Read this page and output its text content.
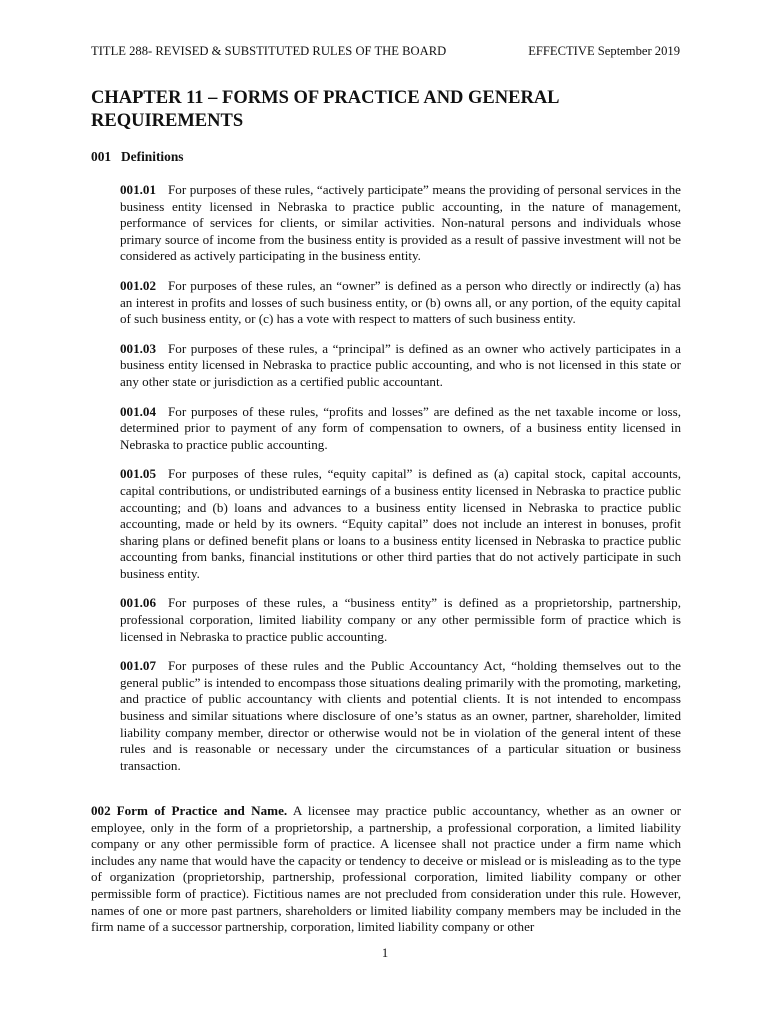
TITLE 288- REVISED & SUBSTITUTED RULES OF THE BOARD	EFFECTIVE September 2019
CHAPTER 11 – FORMS OF PRACTICE AND GENERAL REQUIREMENTS
001 Definitions

001.01 For purposes of these rules, “actively participate” means the providing of personal services in the business entity licensed in Nebraska to practice public accounting, in the nature of management, performance of services for clients, or similar activities. Non-natural persons and individuals whose primary source of income from the business entity is provided as a result of passive investment will not be considered as actively participating in the business entity.

001.02 For purposes of these rules, an “owner” is defined as a person who directly or indirectly (a) has an interest in profits and losses of such business entity, or (b) owns all, or any portion, of the equity capital of such business entity, or (c) has a vote with respect to matters of such business entity.

001.03 For purposes of these rules, a “principal” is defined as an owner who actively participates in a business entity licensed in Nebraska to practice public accounting, and who is not licensed in this state or any other state or jurisdiction as a certified public accountant.

001.04 For purposes of these rules, “profits and losses” are defined as the net taxable income or loss, determined prior to payment of any form of compensation to owners, of a business entity licensed in Nebraska to practice public accounting.

001.05 For purposes of these rules, “equity capital” is defined as (a) capital stock, capital accounts, capital contributions, or undistributed earnings of a business entity licensed in Nebraska to practice public accounting; and (b) loans and advances to a business entity licensed in Nebraska to practice public accounting, made or held by its owners. “Equity capital” does not include an interest in bonuses, profit sharing plans or defined benefit plans or loans to a business entity licensed in Nebraska to practice public accounting from banks, financial institutions or other third parties that do not actively participate in such business entity.

001.06 For purposes of these rules, a “business entity” is defined as a proprietorship, partnership, professional corporation, limited liability company or any other permissible form of practice which is licensed in Nebraska to practice public accounting.

001.07 For purposes of these rules and the Public Accountancy Act, “holding themselves out to the general public” is intended to encompass those situations dealing primarily with the promoting, marketing, and practice of public accountancy with clients and potential clients. It is not intended to encompass business and similar situations where disclosure of one’s status as an owner, partner, shareholder, limited liability company member, director or otherwise would not be in violation of the general intent of these rules and is reasonable or necessary under the circumstances of a particular situation or business transaction.

002 Form of Practice and Name. A licensee may practice public accountancy, whether as an owner or employee, only in the form of a proprietorship, a partnership, a professional corporation, a limited liability company or any other permissible form of practice. A licensee shall not practice under a firm name which includes any name that would have the capacity or tendency to deceive or mislead or is misleading as to the type of organization (proprietorship, partnership, professional corporation, limited liability company or other permissible form of practice). Fictitious names are not precluded from consideration under this rule. However, names of one or more past partners, shareholders or limited liability company members may be included in the firm name of a successor partnership, corporation, limited liability company or other

1
